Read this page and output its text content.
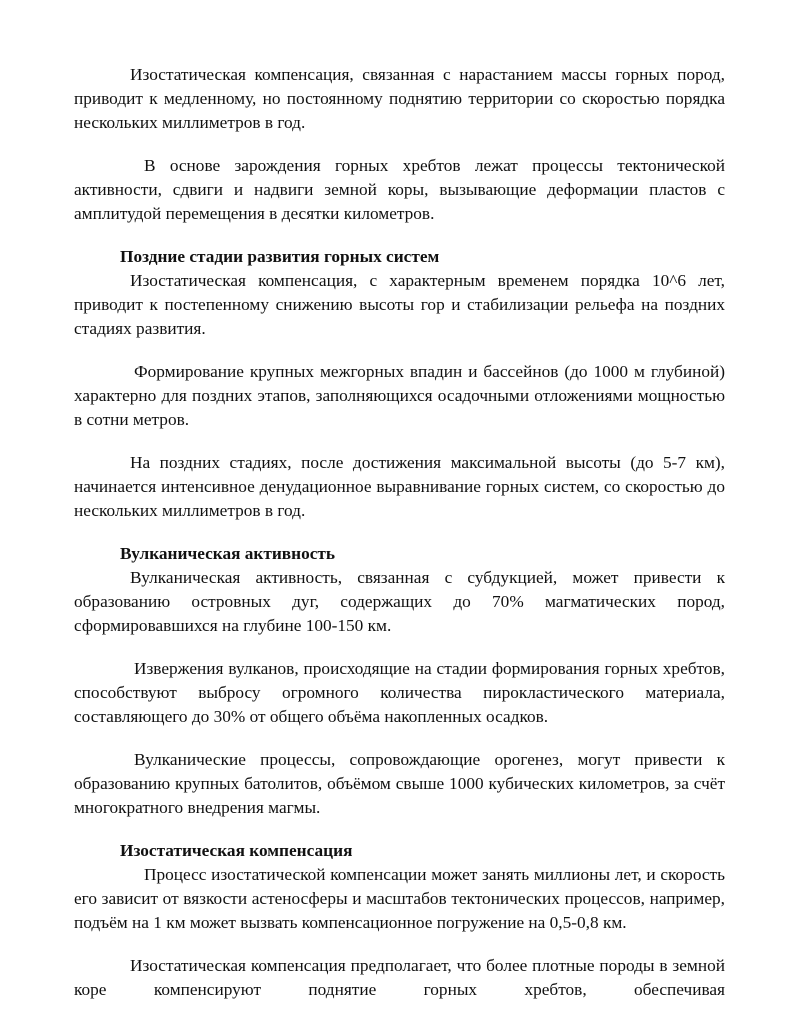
Изостатическая компенсация, связанная с нарастанием массы горных пород, приводит к медленному, но постоянному поднятию территории со скоростью порядка нескольких миллиметров в год.

В основе зарождения горных хребтов лежат процессы тектонической активности, сдвиги и надвиги земной коры, вызывающие деформации пластов с амплитудой перемещения в десятки километров.

Поздние стадии развития горных систем

Изостатическая компенсация, с характерным временем порядка 10^6 лет, приводит к постепенному снижению высоты гор и стабилизации рельефа на поздних стадиях развития.

Формирование крупных межгорных впадин и бассейнов (до 1000 м глубиной) характерно для поздних этапов, заполняющихся осадочными отложениями мощностью в сотни метров.

На поздних стадиях, после достижения максимальной высоты (до 5-7 км), начинается интенсивное денудационное выравнивание горных систем, со скоростью до нескольких миллиметров в год.

Вулканическая активность

Вулканическая активность, связанная с субдукцией, может привести к образованию островных дуг, содержащих до 70% магматических пород, сформировавшихся на глубине 100-150 км.

Извержения вулканов, происходящие на стадии формирования горных хребтов, способствуют выбросу огромного количества пирокластического материала, составляющего до 30% от общего объёма накопленных осадков.

Вулканические процессы, сопровождающие орогенез, могут привести к образованию крупных батолитов, объёмом свыше 1000 кубических километров, за счёт многократного внедрения магмы.

Изостатическая компенсация

Процесс изостатической компенсации может занять миллионы лет, и скорость его зависит от вязкости астеносферы и масштабов тектонических процессов, например, подъём на 1 км может вызвать компенсационное погружение на 0,5-0,8 км.

Изостатическая компенсация предполагает, что более плотные породы в земной коре компенсируют поднятие горных хребтов, обеспечивая
